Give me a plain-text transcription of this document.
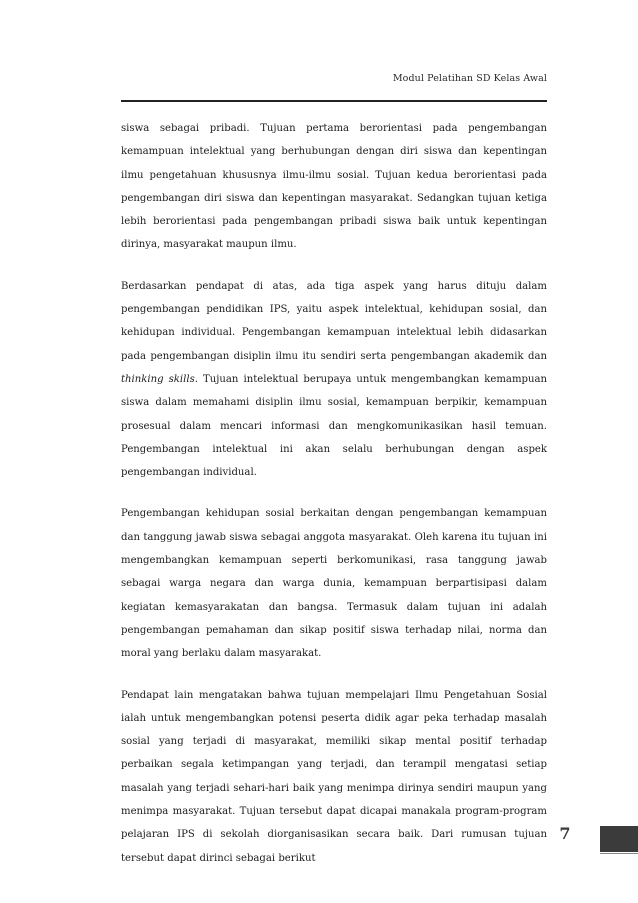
Modul Pelatihan SD Kelas Awal

siswa sebagai pribadi. Tujuan pertama berorientasi pada pengembangan kemampuan intelektual yang berhubungan dengan diri siswa dan kepentingan ilmu pengetahuan khususnya ilmu-ilmu sosial. Tujuan kedua berorientasi pada pengembangan diri siswa dan kepentingan masyarakat. Sedangkan tujuan ketiga lebih berorientasi pada pengembangan pribadi siswa baik untuk kepentingan dirinya, masyarakat maupun ilmu.

Berdasarkan pendapat di atas, ada tiga aspek yang harus dituju dalam pengembangan pendidikan IPS, yaitu aspek intelektual, kehidupan sosial, dan kehidupan individual. Pengembangan kemampuan intelektual lebih didasarkan pada pengembangan disiplin ilmu itu sendiri serta pengembangan akademik dan thinking skills. Tujuan intelektual berupaya untuk mengembangkan kemampuan siswa dalam memahami disiplin ilmu sosial, kemampuan berpikir, kemampuan prosesual dalam mencari informasi dan mengkomunikasikan hasil temuan. Pengembangan intelektual ini akan selalu berhubungan dengan aspek pengembangan individual.

Pengembangan kehidupan sosial berkaitan dengan pengembangan kemampuan dan tanggung jawab siswa sebagai anggota masyarakat. Oleh karena itu tujuan ini mengembangkan kemampuan seperti berkomunikasi, rasa tanggung jawab sebagai warga negara dan warga dunia, kemampuan berpartisipasi dalam kegiatan kemasyarakatan dan bangsa. Termasuk dalam tujuan ini adalah pengembangan pemahaman dan sikap positif siswa terhadap nilai, norma dan moral yang berlaku dalam masyarakat.

Pendapat lain mengatakan bahwa tujuan mempelajari Ilmu Pengetahuan Sosial ialah untuk mengembangkan potensi peserta didik agar peka terhadap masalah sosial yang terjadi di masyarakat, memiliki sikap mental positif terhadap perbaikan segala ketimpangan yang terjadi, dan terampil mengatasi setiap masalah yang terjadi sehari-hari baik yang menimpa dirinya sendiri maupun yang menimpa masyarakat. Tujuan tersebut dapat dicapai manakala program-program pelajaran IPS di sekolah diorganisasikan secara baik. Dari rumusan tujuan tersebut dapat dirinci sebagai berikut

7
